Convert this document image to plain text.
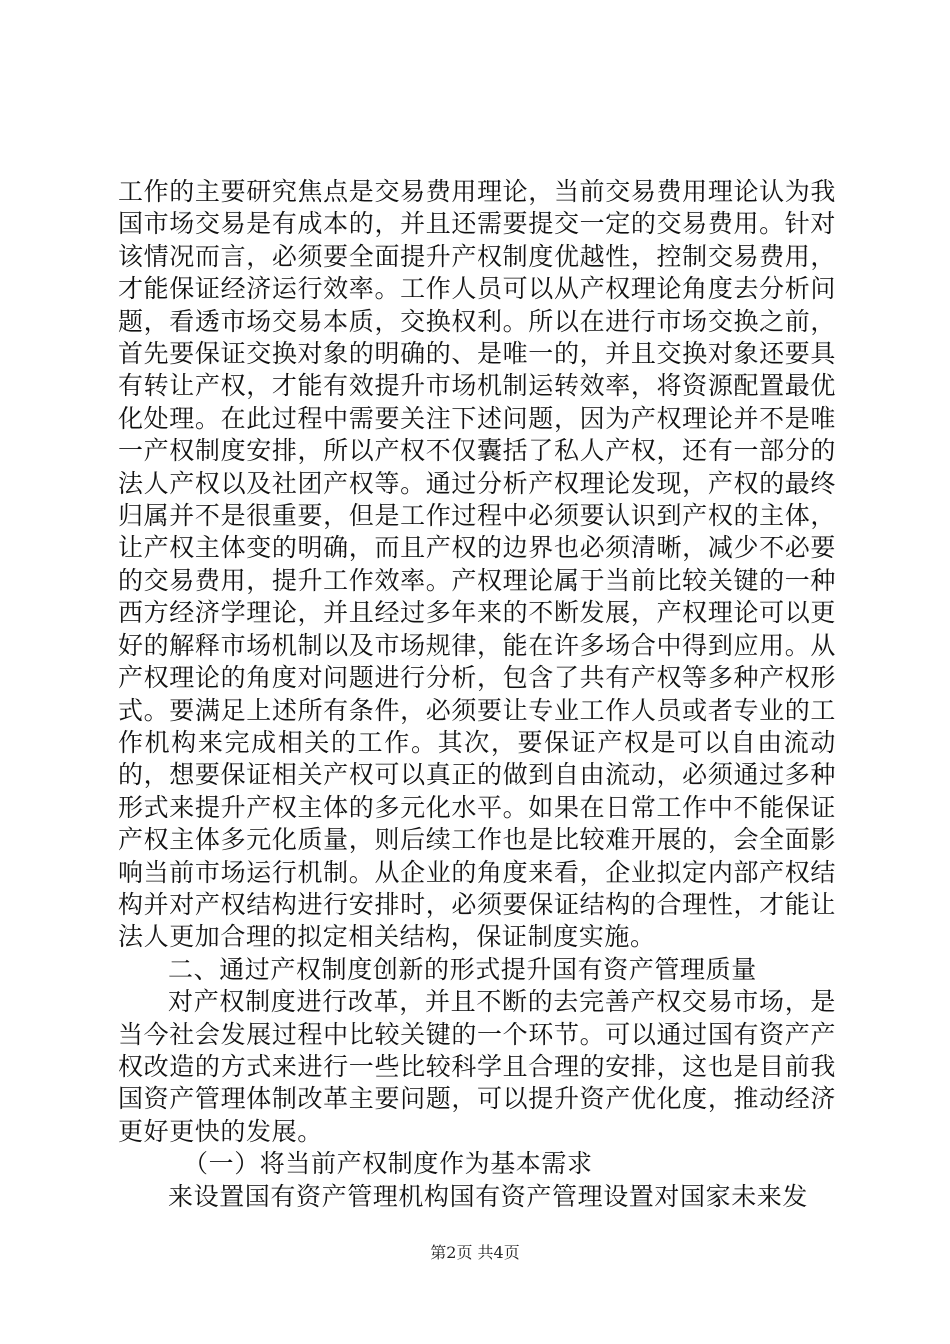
工作的主要研究焦点是交易费用理论，当前交易费用理论认为我国市场交易是有成本的，并且还需要提交一定的交易费用。针对该情况而言，必须要全面提升产权制度优越性，控制交易费用，才能保证经济运行效率。工作人员可以从产权理论角度去分析问题，看透市场交易本质，交换权利。所以在进行市场交换之前，首先要保证交换对象的明确的、是唯一的，并且交换对象还要具有转让产权，才能有效提升市场机制运转效率，将资源配置最优化处理。在此过程中需要关注下述问题，因为产权理论并不是唯一产权制度安排，所以产权不仅囊括了私人产权，还有一部分的法人产权以及社团产权等。通过分析产权理论发现，产权的最终归属并不是很重要，但是工作过程中必须要认识到产权的主体，让产权主体变的明确，而且产权的边界也必须清晰，减少不必要的交易费用，提升工作效率。产权理论属于当前比较关键的一种西方经济学理论，并且经过多年来的不断发展，产权理论可以更好的解释市场机制以及市场规律，能在许多场合中得到应用。从产权理论的角度对问题进行分析，包含了共有产权等多种产权形式。要满足上述所有条件，必须要让专业工作人员或者专业的工作机构来完成相关的工作。其次，要保证产权是可以自由流动的，想要保证相关产权可以真正的做到自由流动，必须通过多种形式来提升产权主体的多元化水平。如果在日常工作中不能保证产权主体多元化质量，则后续工作也是比较难开展的，会全面影响当前市场运行机制。从企业的角度来看，企业拟定内部产权结构并对产权结构进行安排时，必须要保证结构的合理性，才能让法人更加合理的拟定相关结构，保证制度实施。

二、通过产权制度创新的形式提升国有资产管理质量

对产权制度进行改革，并且不断的去完善产权交易市场，是当今社会发展过程中比较关键的一个环节。可以通过国有资产产权改造的方式来进行一些比较科学且合理的安排，这也是目前我国资产管理体制改革主要问题，可以提升资产优化度，推动经济更好更快的发展。

（一）将当前产权制度作为基本需求

来设置国有资产管理机构国有资产管理设置对国家未来发

第2页 共4页
